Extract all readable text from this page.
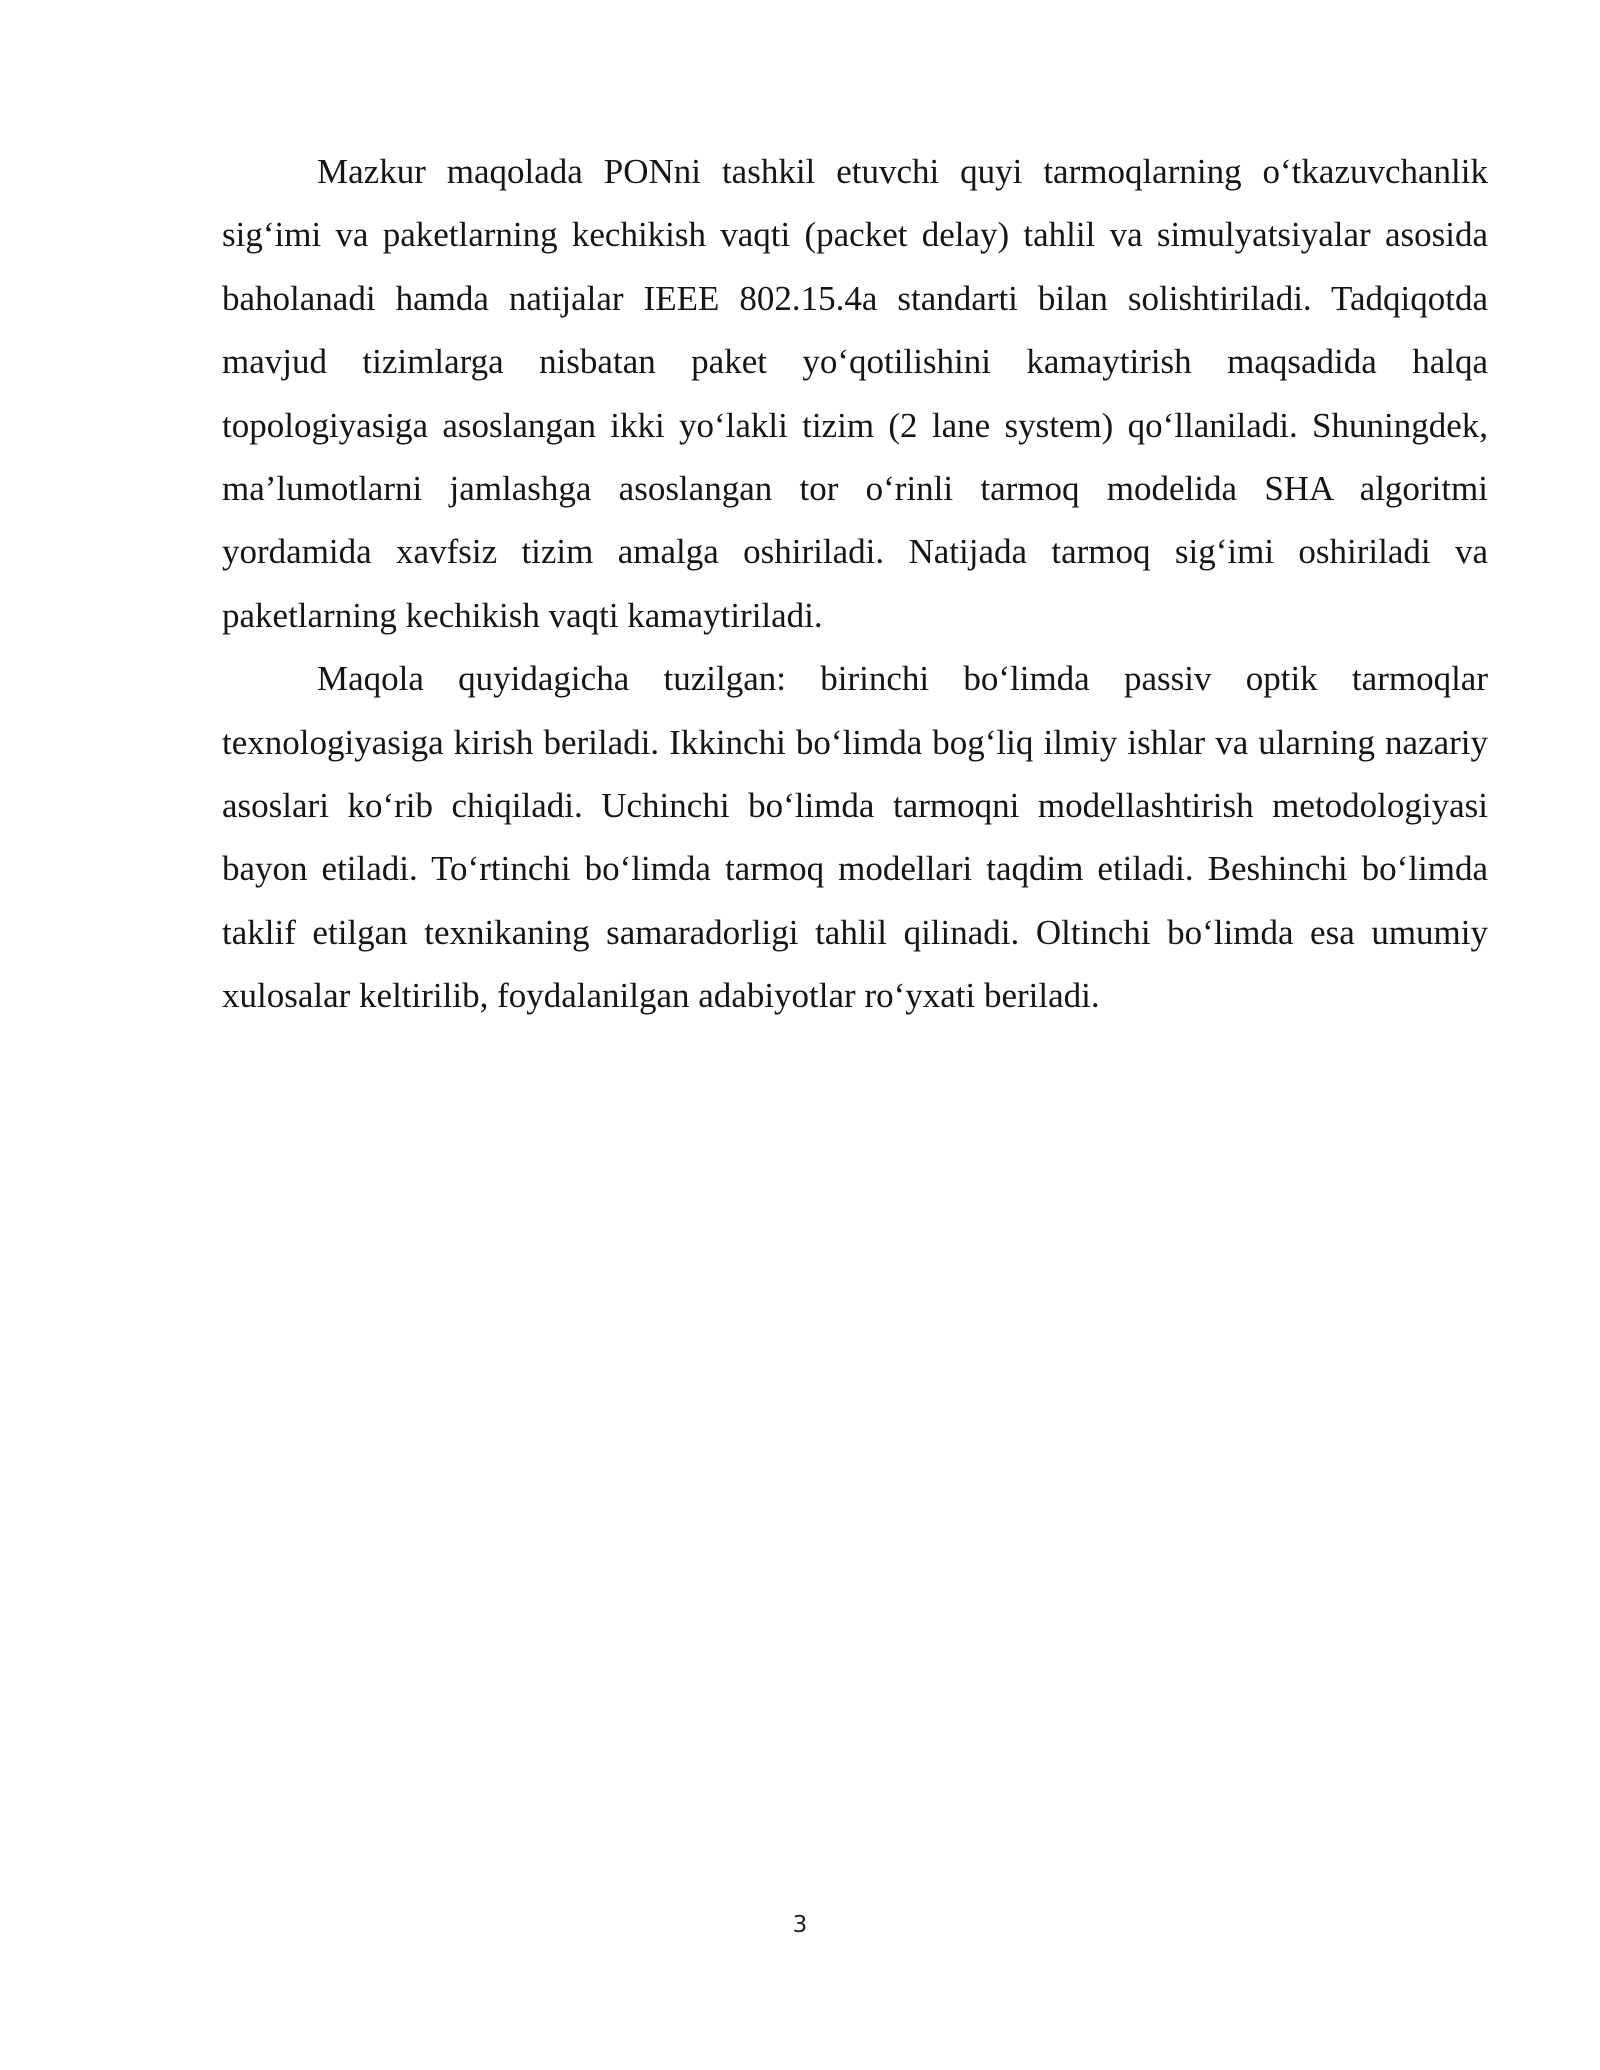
Mazkur maqolada PONni tashkil etuvchi quyi tarmoqlarning o‘tkazuvchanlik sig‘imi va paketlarning kechikish vaqti (packet delay) tahlil va simulyatsiyalar asosida baholanadi hamda natijalar IEEE 802.15.4a standarti bilan solishtiriladi. Tadqiqotda mavjud tizimlarga nisbatan paket yo‘qotilishini kamaytirish maqsadida halqa topologiyasiga asoslangan ikki yo‘lakli tizim (2 lane system) qo‘llaniladi. Shuningdek, ma’lumotlarni jamlashga asoslangan tor o‘rinli tarmoq modelida SHA algoritmi yordamida xavfsiz tizim amalga oshiriladi. Natijada tarmoq sig‘imi oshiriladi va paketlarning kechikish vaqti kamaytiriladi.

Maqola quyidagicha tuzilgan: birinchi bo‘limda passiv optik tarmoqlar texnologiyasiga kirish beriladi. Ikkinchi bo‘limda bog‘liq ilmiy ishlar va ularning nazariy asoslari ko‘rib chiqiladi. Uchinchi bo‘limda tarmoqni modellashtirish metodologiyasi bayon etiladi. To‘rtinchi bo‘limda tarmoq modellari taqdim etiladi. Beshinchi bo‘limda taklif etilgan texnikaning samaradorligi tahlil qilinadi. Oltinchi bo‘limda esa umumiy xulosalar keltirilib, foydalanilgan adabiyotlar ro‘yxati beriladi.

3
